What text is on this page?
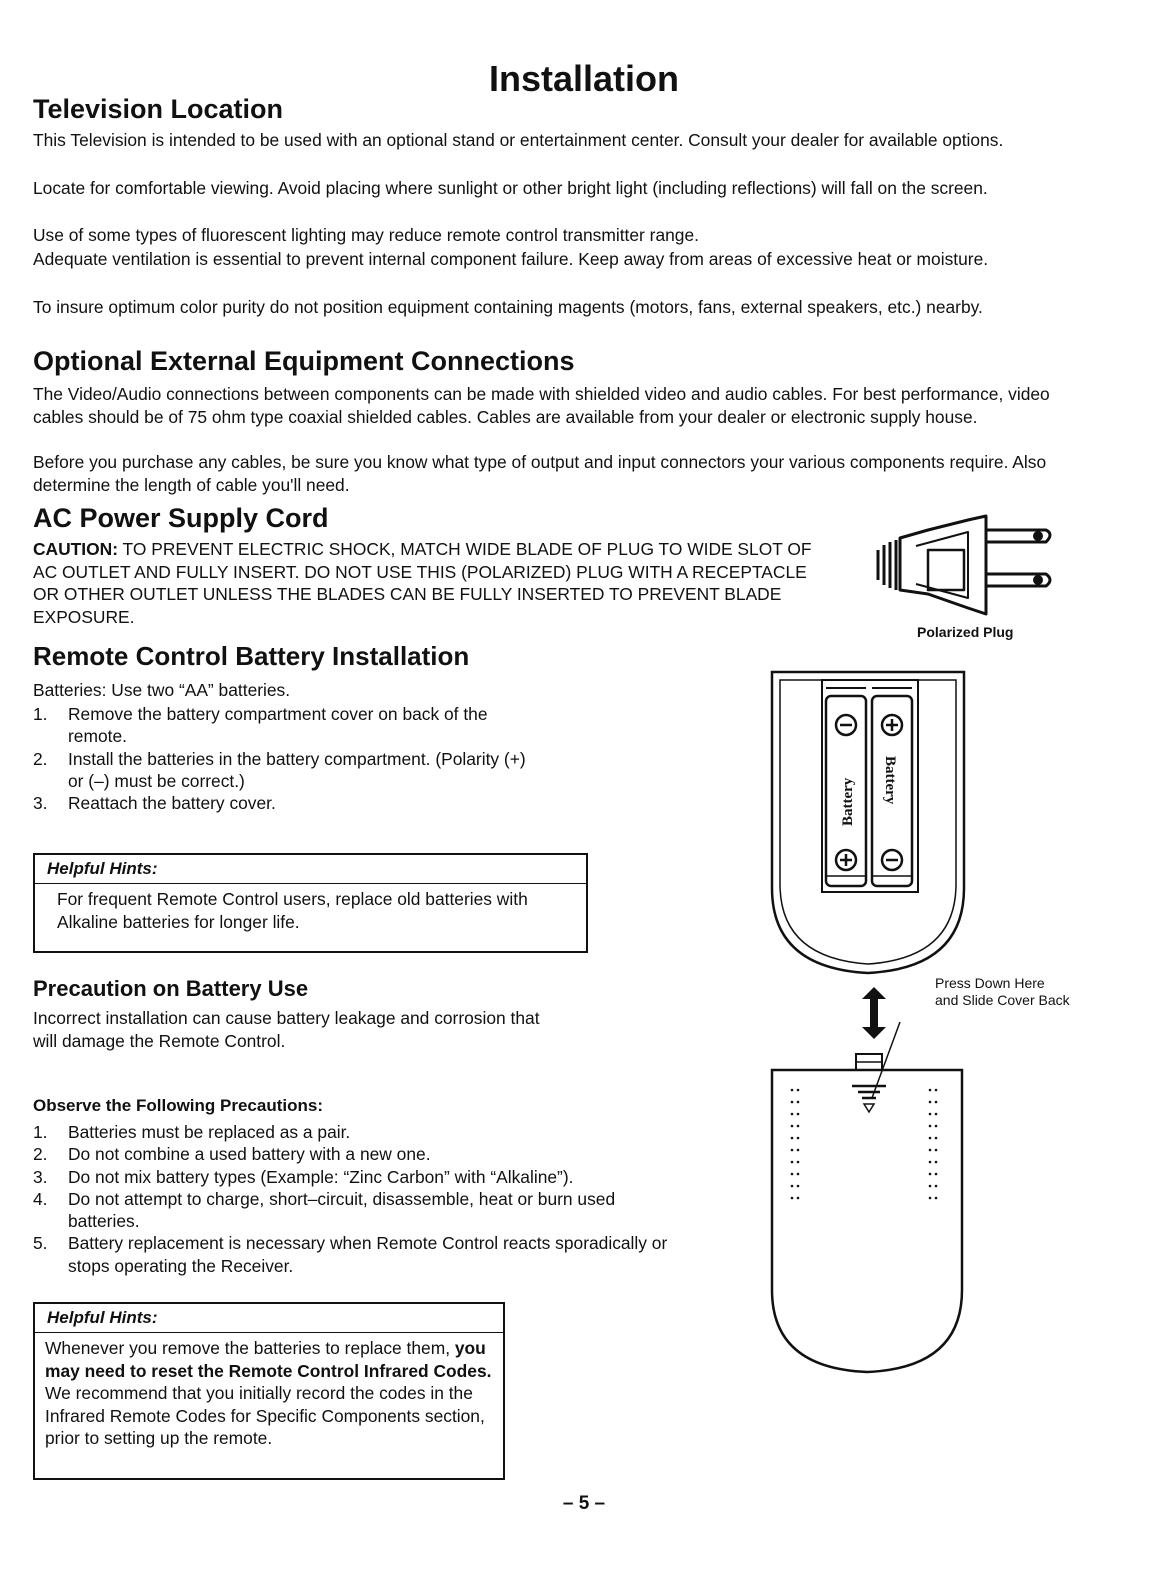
Installation
Television Location

This Television is intended to be used with an optional stand or entertainment center. Consult your dealer for available options.

Locate for comfortable viewing. Avoid placing where sunlight or other bright light (including reflections) will fall on the screen.

Use of some types of fluorescent lighting may reduce remote control transmitter range.

Adequate ventilation is essential to prevent internal component failure. Keep away from areas of excessive heat or moisture.

To insure optimum color purity do not position equipment containing magents (motors, fans, external speakers, etc.) nearby.

Optional External Equipment Connections

The Video/Audio connections between components can be made with shielded video and audio cables. For best performance, video cables should be of 75 ohm type coaxial shielded cables. Cables are available from your dealer or electronic supply house.

Before you purchase any cables, be sure you know what type of output and input connectors your various components require. Also determine the length of cable you'll need.

AC Power Supply Cord

CAUTION: TO PREVENT ELECTRIC SHOCK, MATCH WIDE BLADE OF PLUG TO WIDE SLOT OF AC OUTLET AND FULLY INSERT. DO NOT USE THIS (POLARIZED) PLUG WITH A RECEPTACLE OR OTHER OUTLET UNLESS THE BLADES CAN BE FULLY INSERTED TO PREVENT BLADE EXPOSURE.

Polarized Plug
Remote Control Battery Installation

Batteries: Use two “AA” batteries.

1. Remove the battery compartment cover on back of the remote.
2. Install the batteries in the battery compartment. (Polarity (+) or (–) must be correct.)
3. Reattach the battery cover.
Helpful Hints:
For frequent Remote Control users, replace old batteries with Alkaline batteries for longer life.
Battery Battery
Press Down Here and Slide Cover Back
Precaution on Battery Use

Incorrect installation can cause battery leakage and corrosion that will damage the Remote Control.

Observe the Following Precautions:
1. Batteries must be replaced as a pair.
2. Do not combine a used battery with a new one.
3. Do not mix battery types (Example: “Zinc Carbon” with “Alkaline”).
4. Do not attempt to charge, short–circuit, disassemble, heat or burn used batteries.
5. Battery replacement is necessary when Remote Control reacts sporadically or stops operating the Receiver.
Helpful Hints:
Whenever you remove the batteries to replace them, you may need to reset the Remote Control Infrared Codes. We recommend that you initially record the codes in the Infrared Remote Codes for Specific Components section, prior to setting up the remote.
– 5 –
